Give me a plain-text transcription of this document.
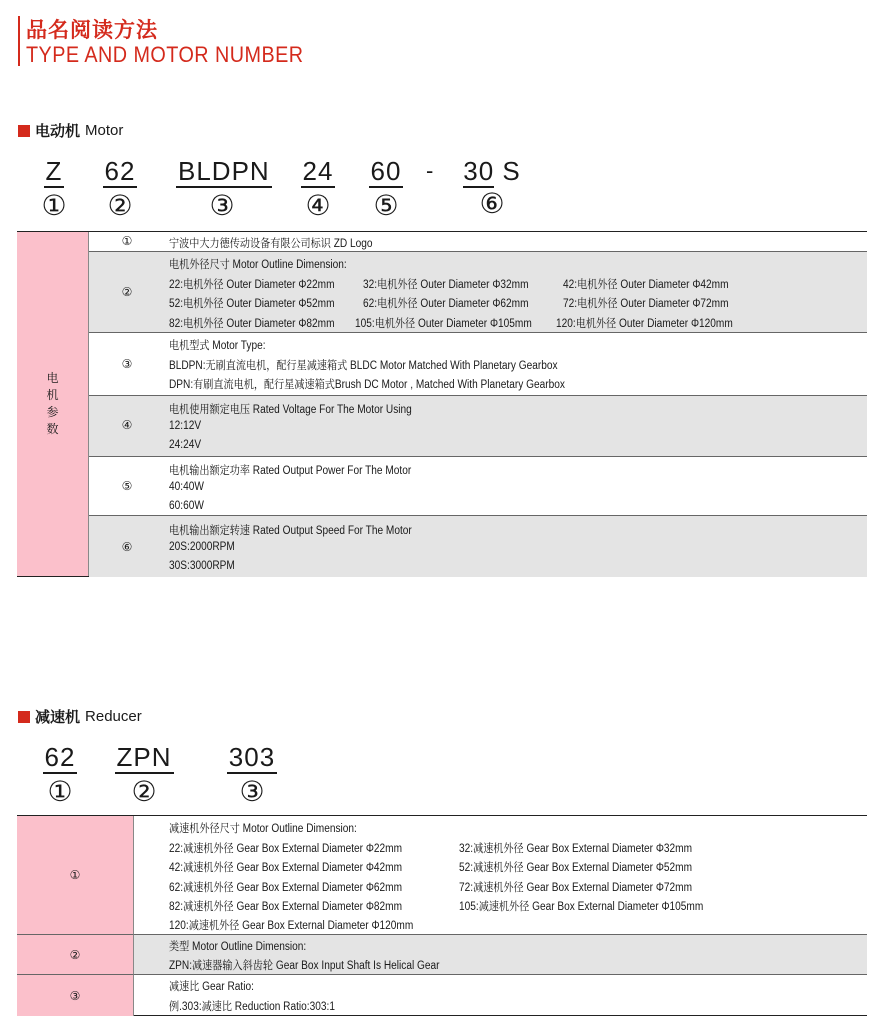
品名阅读方法
TYPE AND MOTOR NUMBER
电动机 Motor
Z
①
62
②
BLDPN
③
24
④
60
⑤
-	30 S
⑥
①	宁波中大力德传动设备有限公司标识 ZD Logo
②
电机外径尺寸 Motor Outline Dimension:
22:电机外径 Outer Diameter Φ22mm 32:电机外径 Outer Diameter Φ32mm	42:电机外径 Outer Diameter Φ42mm
52:电机外径 Outer Diameter Φ52mm 62:电机外径 Outer Diameter Φ62mm	72:电机外径 Outer Diameter Φ72mm
82:电机外径 Outer Diameter Φ82mm 105:电机外径 Outer Diameter Φ105mm 120:电机外径 Outer Diameter Φ120mm
③
电机型式 Motor Type:
BLDPN:无刷直流电机，配行星减速箱式 BLDC Motor Matched With Planetary Gearbox
DPN:有刷直流电机，配行星减速箱式Brush DC Motor , Matched With Planetary Gearbox
④
电机使用额定电压 Rated Voltage For The Motor Using
12:12V
24:24V
⑤
电机输出额定功率 Rated Output Power For The Motor
40:40W
60:60W
⑥
电机输出额定转速 Rated Output Speed For The Motor
20S:2000RPM
30S:3000RPM
电
机
参
数
减速机 Reducer
62
①
ZPN
②
303
③
①
减速机外径尺寸 Motor Outline Dimension:
22:减速机外径 Gear Box External Diameter Φ22mm	32:减速机外径 Gear Box External Diameter Φ32mm
42:减速机外径 Gear Box External Diameter Φ42mm	52:减速机外径 Gear Box External Diameter Φ52mm
62:减速机外径 Gear Box External Diameter Φ62mm	72:减速机外径 Gear Box External Diameter Φ72mm
82:减速机外径 Gear Box External Diameter Φ82mm	105:减速机外径 Gear Box External Diameter Φ105mm
120:减速机外径 Gear Box External Diameter Φ120mm
②
类型 Motor Outline Dimension:
ZPN:减速器输入斜齿轮 Gear Box Input Shaft Is Helical Gear
③
减速比 Gear Ratio:
例.303:减速比 Reduction Ratio:303:1
